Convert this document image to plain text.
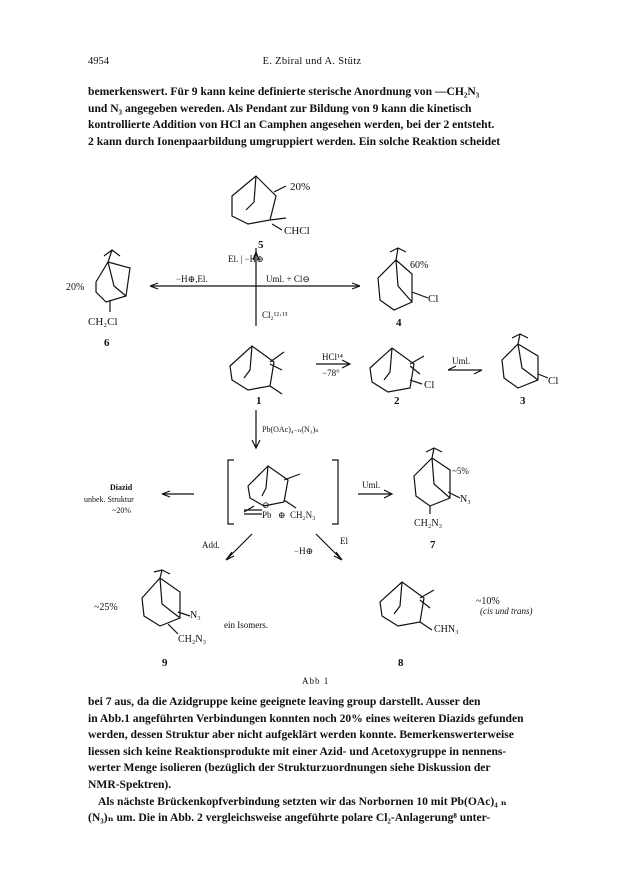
4954	E. Zbiral und A. Stütz
bemerkenswert. Für 9 kann keine definierte sterische Anordnung von —CH₂N₃
und N₃ angegeben wereden. Als Pendant zur Bildung von 9 kann die kinetisch
kontrollierte Addition von HCl an Camphen angesehen werden, bei der 2 entsteht.
2 kann durch Ionenpaarbildung umgruppiert werden. Ein solche Reaktion scheidet
20%
CHCl
5
20%
CH₂Cl
6
El. | −H⊕
−H⊕,El.	Uml. + Cl⊖
Cl₂¹²·¹³
60%
Cl
4
1
HCl¹⁴
−78°
Cl
2
Uml.
Cl
3
Pb(OAc)₄₋ₙ(N₃)ₙ
Diazid
unbek. Struktur
~20%	Pb
⊖
⊕ CH₂N₃
Uml.
~5%
N₃
CH₂N₃
7
Add.	El
−H⊕
~25%
N₃
CH₂N₃
ein Isomers.
9
~10%
(cis und trans)
CHN₃
8
Abb 1
bei 7 aus, da die Azidgruppe keine geeignete leaving group darstellt. Ausser den
in Abb.1 angeführten Verbindungen konnten noch 20% eines weiteren Diazids gefunden
werden, dessen Struktur aber nicht aufgeklärt werden konnte. Bemerkenswerterweise
liessen sich keine Reaktionsprodukte mit einer Azid- und Acetoxygruppe in nennens-
werter Menge isolieren (bezüglich der Strukturzuordnungen siehe Diskussion der
NMR-Spektren).
Als nächste Brückenkopfverbindung setzten wir das Norbornen 10 mit Pb(OAc)₄ ₙ
(N₃)ₙ um. Die in Abb. 2 vergleichsweise angeführte polare Cl₂-Anlagerung⁸ unter-
